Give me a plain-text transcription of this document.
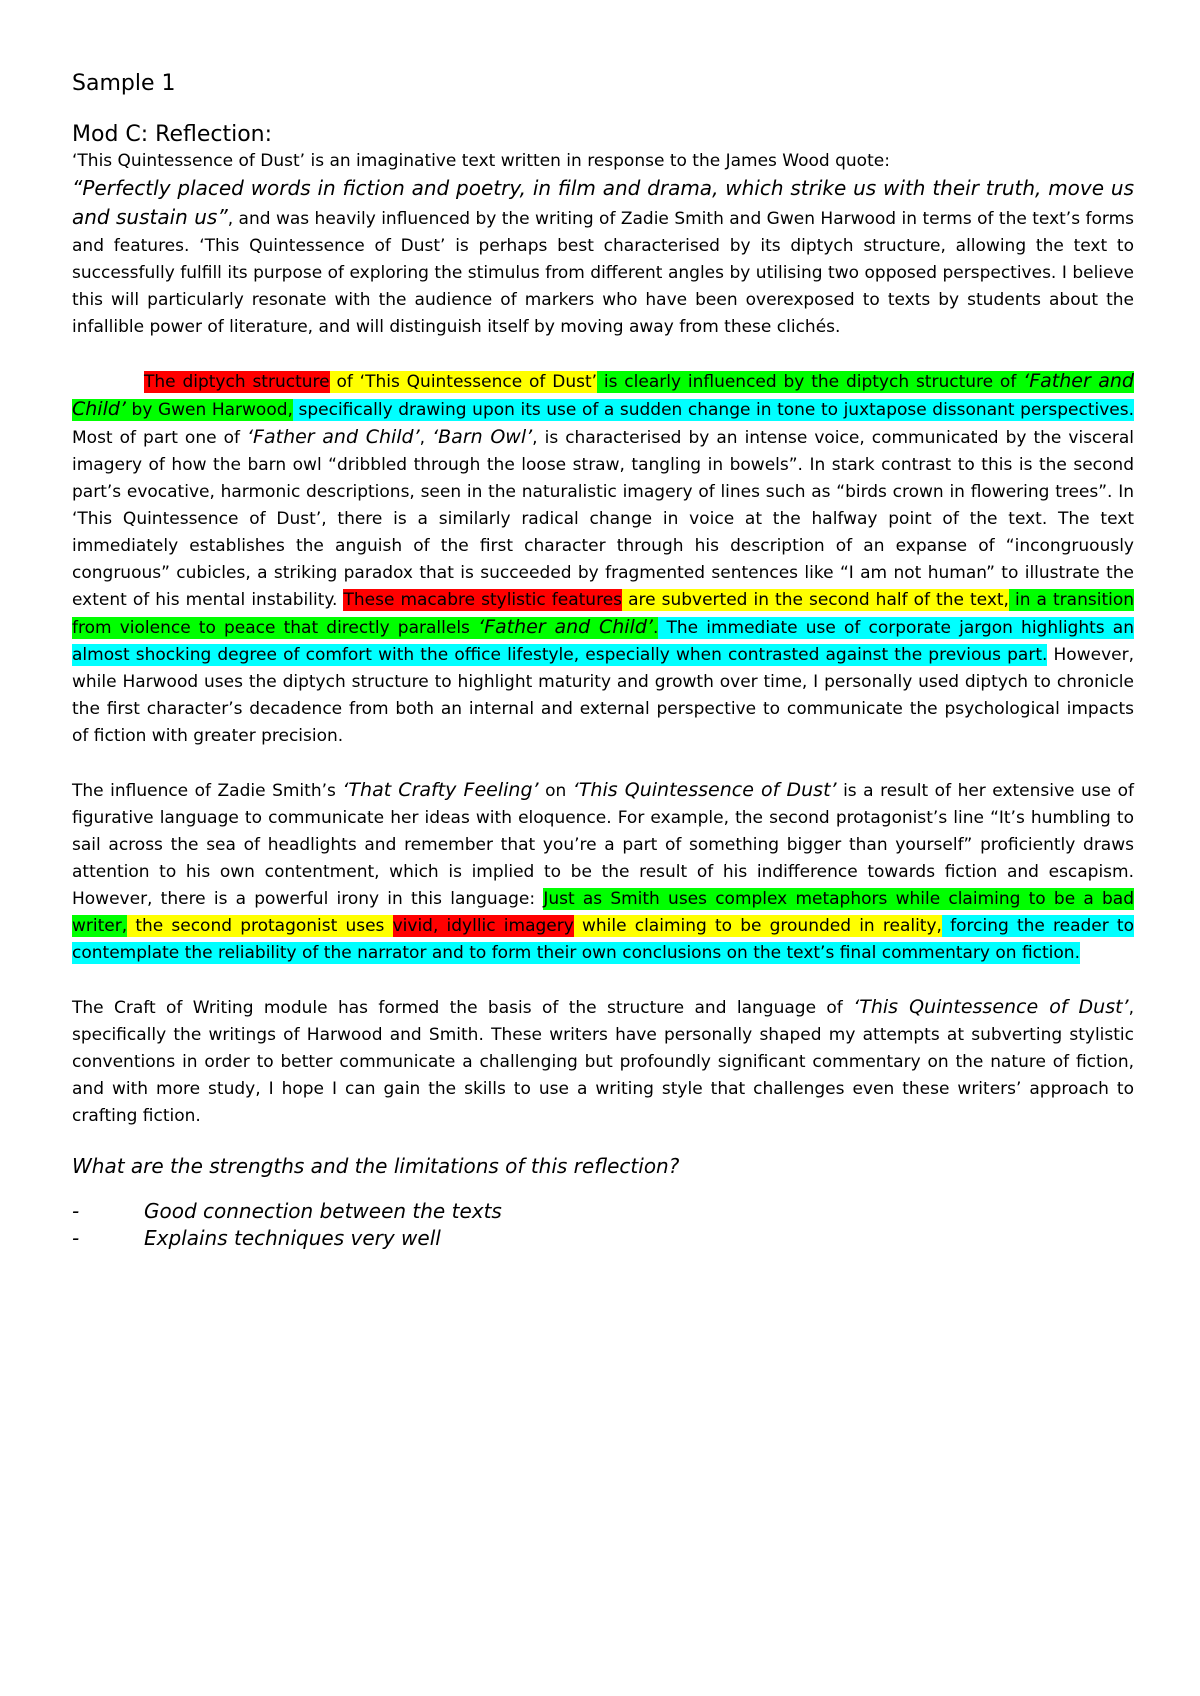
Sample 1
Mod C: Reflection:

‘This Quintessence of Dust’ is an imaginative text written in response to the James Wood quote:

“Perfectly placed words in fiction and poetry, in film and drama, which strike us with their truth, move us and sustain us”, and was heavily influenced by the writing of Zadie Smith and Gwen Harwood in terms of the text’s forms and features. ‘This Quintessence of Dust’ is perhaps best characterised by its diptych structure, allowing the text to successfully fulfill its purpose of exploring the stimulus from different angles by utilising two opposed perspectives. I believe this will particularly resonate with the audience of markers who have been overexposed to texts by students about the infallible power of literature, and will distinguish itself by moving away from these clichés.

The diptych structure of ‘This Quintessence of Dust’ is clearly influenced by the diptych structure of ‘Father and Child’ by Gwen Harwood, specifically drawing upon its use of a sudden change in tone to juxtapose dissonant perspectives. Most of part one of ‘Father and Child’, ‘Barn Owl’, is characterised by an intense voice, communicated by the visceral imagery of how the barn owl “dribbled through the loose straw, tangling in bowels”. In stark contrast to this is the second part’s evocative, harmonic descriptions, seen in the naturalistic imagery of lines such as “birds crown in flowering trees”. In ‘This Quintessence of Dust’, there is a similarly radical change in voice at the halfway point of the text. The text immediately establishes the anguish of the first character through his description of an expanse of “incongruously congruous” cubicles, a striking paradox that is succeeded by fragmented sentences like “I am not human” to illustrate the extent of his mental instability. These macabre stylistic features are subverted in the second half of the text, in a transition from violence to peace that directly parallels ‘Father and Child’. The immediate use of corporate jargon highlights an almost shocking degree of comfort with the office lifestyle, especially when contrasted against the previous part. However, while Harwood uses the diptych structure to highlight maturity and growth over time, I personally used diptych to chronicle the first character’s decadence from both an internal and external perspective to communicate the psychological impacts of fiction with greater precision.

The influence of Zadie Smith’s ‘That Crafty Feeling’ on ‘This Quintessence of Dust’ is a result of her extensive use of figurative language to communicate her ideas with eloquence. For example, the second protagonist’s line “It’s humbling to sail across the sea of headlights and remember that you’re a part of something bigger than yourself” proficiently draws attention to his own contentment, which is implied to be the result of his indifference towards fiction and escapism. However, there is a powerful irony in this language: Just as Smith uses complex metaphors while claiming to be a bad writer, the second protagonist uses vivid, idyllic imagery while claiming to be grounded in reality, forcing the reader to contemplate the reliability of the narrator and to form their own conclusions on the text’s final commentary on fiction.

The Craft of Writing module has formed the basis of the structure and language of ‘This Quintessence of Dust’, specifically the writings of Harwood and Smith. These writers have personally shaped my attempts at subverting stylistic conventions in order to better communicate a challenging but profoundly significant commentary on the nature of fiction, and with more study, I hope I can gain the skills to use a writing style that challenges even these writers’ approach to crafting fiction.

What are the strengths and the limitations of this reflection?
-	Good connection between the texts
-	Explains techniques very well
